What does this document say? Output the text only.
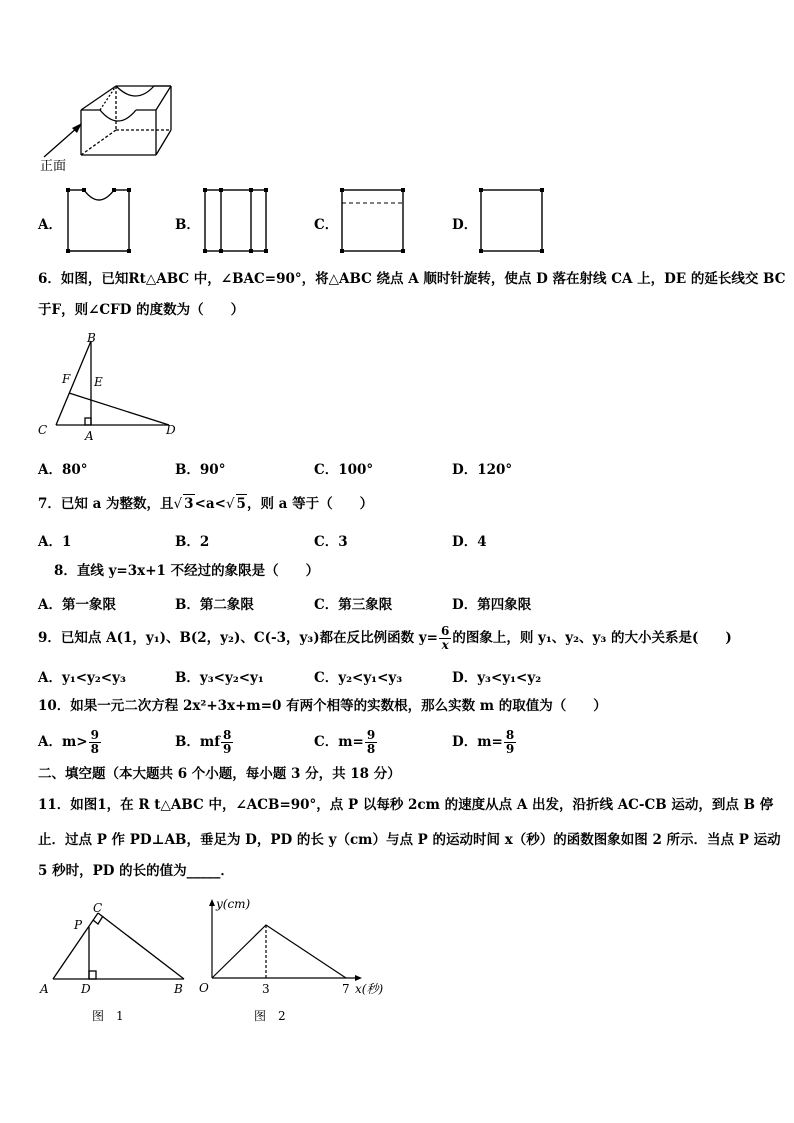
正面
A．	B．	C．	D．
6．如图，已知Rt△ABC 中，∠BAC=90°，将△ABC 绕点 A 顺时针旋转，使点 D 落在射线 CA 上，DE 的延长线交 BC
于F，则∠CFD 的度数为（　　）
B
F E
C	A	D
A．80°	B．90°	C．100°	D．120°
7．已知 a 为整数，且√ 3<a<√ 5，则 a 等于（　　）
A．1	B．2	C．3	D．4
8．直线 y=3x+1 不经过的象限是（　　）
A．第一象限	B．第二象限	C．第三象限	D．第四象限
9．已知点 A(1，y₁)、B(2，y₂)、C(-3，y₃)都在反比例函数 $y= \frac{6}{x}$ 的图象上，则 y₁、y₂、y₃ 的大小关系是(　　)
A．y₁<y₂<y₃	B．y₃<y₂<y₁	C．y₂<y₁<y₃	D．y₃<y₁<y₂
10．如果一元二次方程 2x²+3x+m=0 有两个相等的实数根，那么实数 m 的取值为（　　）
A．$m> \frac{9}{8}$	B．mf $\frac{8}{9}$	C．$m= \frac{9}{8}$	D．$m= \frac{8}{9}$
二、填空题（本大题共 6 个小题，每小题 3 分，共 18 分）
11．如图1，在 R t△ABC 中，∠ACB=90°，点 P 以每秒 2cm 的速度从点 A 出发，沿折线 AC-CB 运动，到点 B 停
止．过点 P 作 PD⊥AB，垂足为 D，PD 的长 y（cm）与点 P 的运动时间 x（秒）的函数图象如图 2 所示．当点 P 运动
5 秒时，PD 的长的值为_____．
C
P
A	D	B
图　1
y(cm)
O	3	7 x(秒)
图　2
